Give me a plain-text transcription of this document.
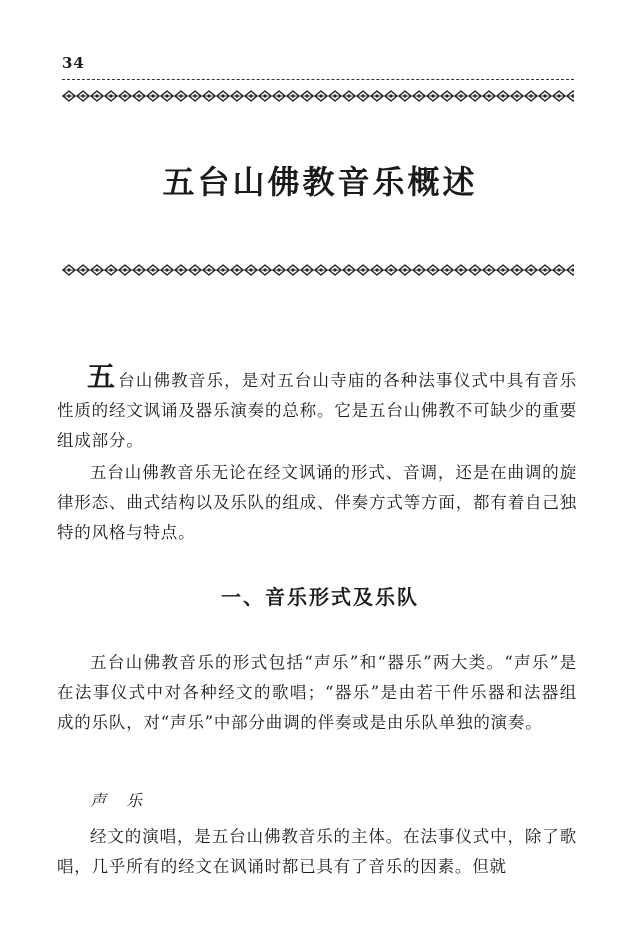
34
五台山佛教音乐概述

五台山佛教音乐，是对五台山寺庙的各种法事仪式中具有音乐性质的经文讽诵及器乐演奏的总称。它是五台山佛教不可缺少的重要组成部分。

五台山佛教音乐无论在经文讽诵的形式、音调，还是在曲调的旋律形态、曲式结构以及乐队的组成、伴奏方式等方面，都有着自己独特的风格与特点。

一、音乐形式及乐队

五台山佛教音乐的形式包括“声乐”和“器乐”两大类。“声乐”是在法事仪式中对各种经文的歌唱；“器乐”是由若干件乐器和法器组成的乐队，对“声乐”中部分曲调的伴奏或是由乐队单独的演奏。

声乐

经文的演唱，是五台山佛教音乐的主体。在法事仪式中，除了歌唱，几乎所有的经文在讽诵时都已具有了音乐的因素。但就
